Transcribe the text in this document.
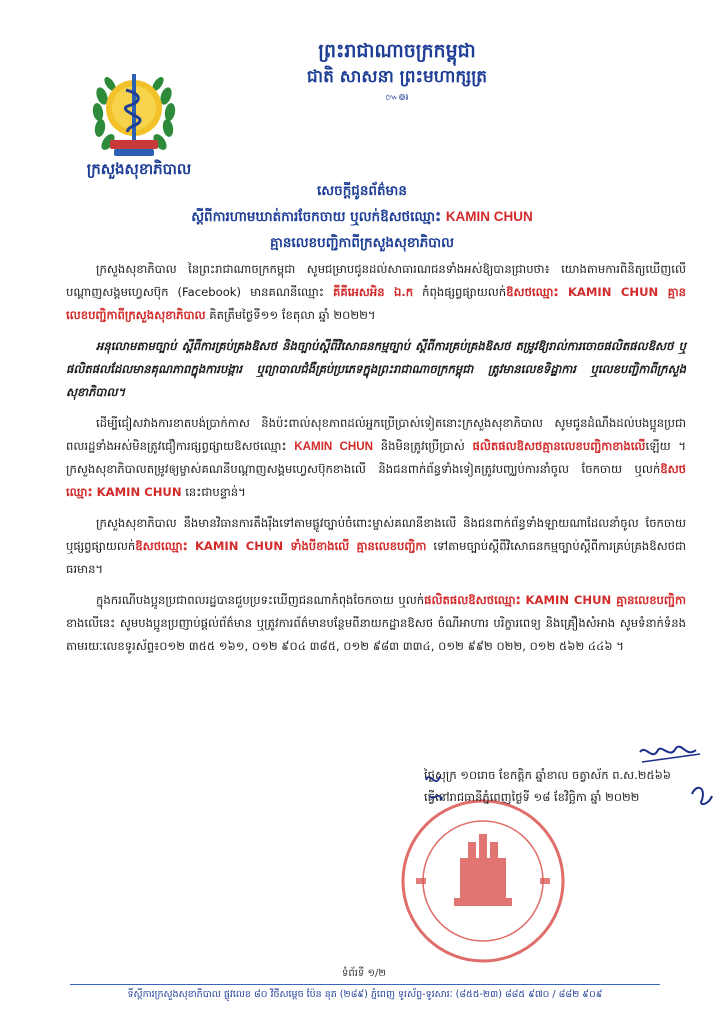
ក្រសួងសុខាភិបាល
ព្រះរាជាណាចក្រកម្ពុជា
ជាតិ សាសនា ព្រះមហាក្សត្រ
៚៙៛
សេចក្តីជូនព័ត៌មាន
ស្តីពីការហាមឃាត់ការចែកចាយ ឬលក់ឱសថឈ្មោះ KAMIN CHUN
គ្មានលេខបញ្ជិកាពីក្រសួងសុខាភិបាល

ក្រសួងសុខាភិបាល នៃព្រះរាជាណាចក្រកម្ពុជា សូមជម្រាបជូនដល់សាធារណជនទាំងអស់ឱ្យបានជ្រាបថា៖ យោងតាមការពិនិត្យឃើញលើបណ្តាញសង្គមហ្វេសប៊ុក (Facebook) មានគណនីឈ្មោះ គីគីអេសអិន ឯ.ក កំពុងផ្សព្វផ្សាយលក់ឱសថឈ្មោះ KAMIN CHUN គ្មានលេខបញ្ជិកាពីក្រសួងសុខាភិបាល គិតត្រឹមថ្ងៃទី១១ ខែតុលា ឆ្នាំ ២០២២។

អនុលោមតាមច្បាប់ ស្តីពីការគ្រប់គ្រងឱសថ និងច្បាប់ស្តីពីវិសោធនកម្មច្បាប់ ស្តីពីការគ្រប់គ្រងឱសថ តម្រូវឱ្យរាល់ការចោចផលិតផលឱសថ ឬផលិតផលដែលមានគុណភាពក្នុងការបង្ការ ឬព្យាបាលជំងឺគ្រប់ប្រភេទក្នុងព្រះរាជាណាចក្រកម្ពុជា ត្រូវមានលេខទិដ្ឋាការ ឬលេខបញ្ជិកាពីក្រសួងសុខាភិបាល។

ដើម្បីជៀសវាងការខាតបង់ប្រាក់កាស និងប៉ះពាល់សុខភាពដល់អ្នកប្រើប្រាស់ទៀតនោះក្រសួងសុខាភិបាល សូមជូនដំណឹងដល់បងប្អូនប្រជាពលរដ្ឋទាំងអស់មិនត្រូវជឿការផ្សព្វផ្សាយឱសថឈ្មោះ KAMIN CHUN និងមិនត្រូវប្រើប្រាស់ ផលិតផលឱសថគ្មានលេខបញ្ជិកាខាងលើឡើយ ។ ក្រសួងសុខាភិបាលតម្រូវឲ្យម្ចាស់គណនីបណ្តាញសង្គមហ្វេសប៊ុកខាងលើ និងជនពាក់ព័ន្ធទាំងទៀតត្រូវបញ្ឈប់ការនាំចូល ចែកចាយ ឬលក់ឱសថឈ្មោះ KAMIN CHUN នេះជាបន្ទាន់។

ក្រសួងសុខាភិបាល នឹងមានវិធានការតឹងរ៉ឹងទៅតាមផ្លូវច្បាប់ចំពោះម្ចាស់គណនីខាងលើ និងជនពាក់ព័ន្ធទាំងឡាយណាដែលនាំចូល ចែកចាយ ឬផ្សព្វផ្សាយលក់ឱសថឈ្មោះ KAMIN CHUN ទាំងបីខាងលើ គ្មានលេខបញ្ជិកា ទៅតាមច្បាប់ស្តីពីវិសោធនកម្មច្បាប់ស្តីពីការគ្រប់គ្រងឱសថជាធរមាន។

ក្នុងករណីបងប្អូនប្រជាពលរដ្ឋបានជួបប្រទះឃើញជនណាកំពុងចែកចាយ ឬលក់ផលិតផលឱសថឈ្មោះ KAMIN CHUN គ្មានលេខបញ្ជិកាខាងលើនេះ សូមបងប្អូនប្រញាប់ផ្តល់ព័ត៌មាន ឬត្រូវការព័ត៌មានបន្ថែមពីនាយកដ្ឋានឱសថ ចំណីអាហារ បរិក្ខារពេទ្យ និងគ្រឿងសំអាង សូមទំនាក់ទំនងតាមរយៈលេខទូរស័ព្ទ៖០១២ ៣៥៥ ១៦១, ០១២ ៩០៤ ៣៨៥, ០១២ ៩៨៣ ៣៣៤, ០១២ ៩៩២ ០២២, ០១២ ៥៦២ ៤៤៦ ។

ថ្ងៃសុក្រ ១០រោច ខែកត្តិក ឆ្នាំខាល ចត្វាស័ក ព.ស.២៥៦៦
ធ្វើនៅរាជធានីភ្នំពេញថ្ងៃទី ១៨ ខែវិច្ឆិកា ឆ្នាំ ២០២២
ទំព័រទី ១/២
ទីស្តីការក្រសួងសុខាភិបាល ផ្លូវលេខ ៨០ វិថីសម្តេច ប៉ែន នុត (២៨៩) ភ្នំពេញ ទូរស័ព្ទ-ទូរសារៈ (៨៥៥-២៣) ៨៨៥ ៩៧០ / ៨៨២ ៩០៩
